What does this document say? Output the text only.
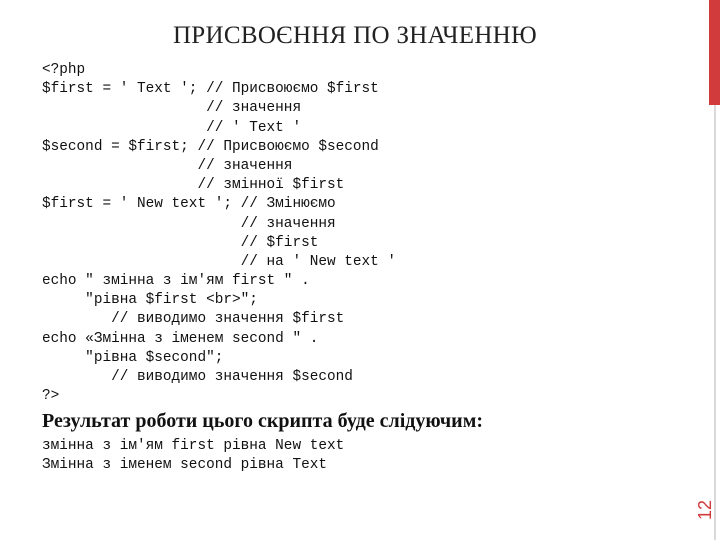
ПРИСВОЄННЯ ПО ЗНАЧЕННЮ
<?php
$first = ' Text '; // Присвоюємо $first
// значення
// ' Text '
$second = $first; // Присвоюємо $second
// значення
// змінної $first
$first = ' New text '; // Змінюємо
// значення
// $first
// на ' New text '
echo " змінна з ім'ям first " .
"рівна $first <br>";
// виводимо значення $first
echo «Змінна з іменем second " .
"рівна $second";
// виводимо значення $second
?>

Результат роботи цього скрипта буде слідуючим:

змінна з ім'ям first рівна New text
Змінна з іменем second рівна Text
12
